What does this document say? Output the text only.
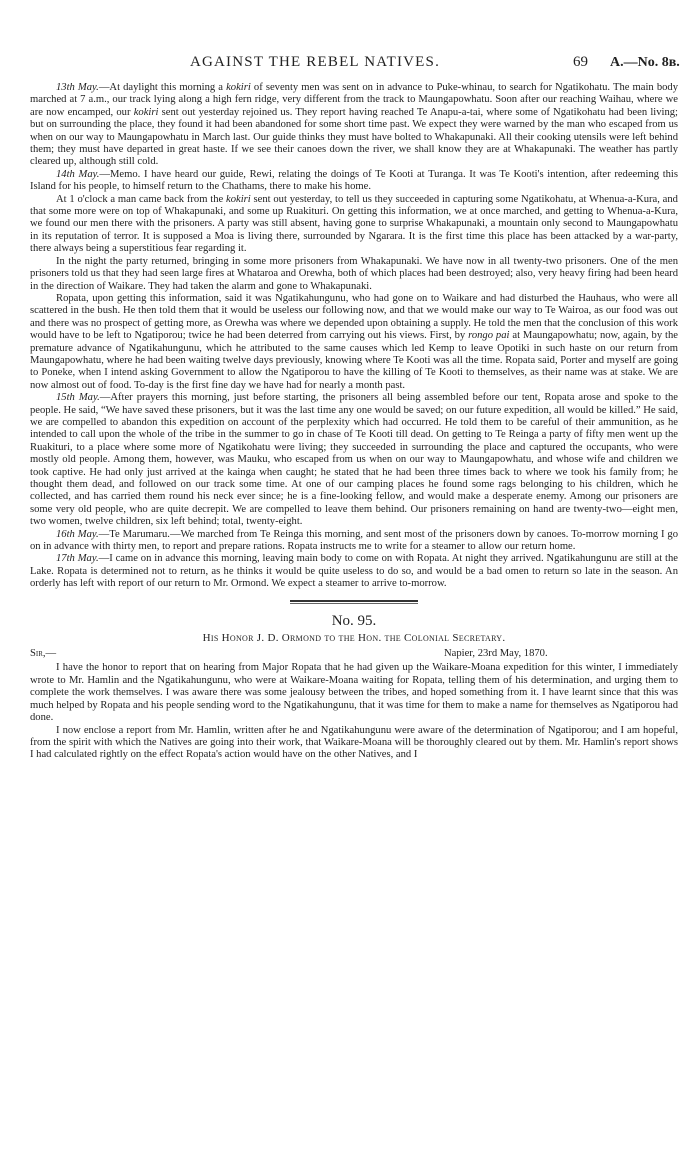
AGAINST THE REBEL NATIVES.	69 A.—No. 8ʙ.

13th May.—At daylight this morning a kokiri of seventy men was sent on in advance to Puke-whinau, to search for Ngatikohatu. The main body marched at 7 a.m., our track lying along a high fern ridge, very different from the track to Maungapowhatu. Soon after our reaching Waihau, where we are now encamped, our kokiri sent out yesterday rejoined us. They report having reached Te Anapu-a-tai, where some of Ngatikohatu had been living; but on surrounding the place, they found it had been abandoned for some short time past. We expect they were warned by the man who escaped from us when on our way to Maungapowhatu in March last. Our guide thinks they must have bolted to Whakapunaki. All their cooking utensils were left behind them; they must have departed in great haste. If we see their canoes down the river, we shall know they are at Whakapunaki. The weather has partly cleared up, although still cold.

14th May.—Memo. I have heard our guide, Rewi, relating the doings of Te Kooti at Turanga. It was Te Kooti's intention, after redeeming this Island for his people, to himself return to the Chathams, there to make his home.

At 1 o'clock a man came back from the kokiri sent out yesterday, to tell us they succeeded in capturing some Ngatikohatu, at Whenua-a-Kura, and that some more were on top of Whakapunaki, and some up Ruakituri. On getting this information, we at once marched, and getting to Whenua-a-Kura, we found our men there with the prisoners. A party was still absent, having gone to surprise Whakapunaki, a mountain only second to Maungapowhatu in its reputation of terror. It is supposed a Moa is living there, surrounded by Ngarara. It is the first time this place has been attacked by a war-party, there always being a superstitious fear regarding it.

In the night the party returned, bringing in some more prisoners from Whakapunaki. We have now in all twenty-two prisoners. One of the men prisoners told us that they had seen large fires at Whataroa and Orewha, both of which places had been destroyed; also, very heavy firing had been heard in the direction of Waikare. They had taken the alarm and gone to Whakapunaki.

Ropata, upon getting this information, said it was Ngatikahungunu, who had gone on to Waikare and had disturbed the Hauhaus, who were all scattered in the bush. He then told them that it would be useless our following now, and that we would make our way to Te Wairoa, as our food was out and there was no prospect of getting more, as Orewha was where we depended upon obtaining a supply. He told the men that the conclusion of this work would have to be left to Ngatiporou; twice he had been deterred from carrying out his views. First, by rongo pai at Maungapowhatu; now, again, by the premature advance of Ngatikahungunu, which he attributed to the same causes which led Kemp to leave Opotiki in such haste on our return from Maungapowhatu, where he had been waiting twelve days previously, knowing where Te Kooti was all the time. Ropata said, Porter and myself are going to Poneke, when I intend asking Government to allow the Ngatiporou to have the killing of Te Kooti to themselves, as their name was at stake. We are now almost out of food. To-day is the first fine day we have had for nearly a month past.

15th May.—After prayers this morning, just before starting, the prisoners all being assembled before our tent, Ropata arose and spoke to the people. He said, “We have saved these prisoners, but it was the last time any one would be saved; on our future expedition, all would be killed.” He said, we are compelled to abandon this expedition on account of the perplexity which had occurred. He told them to be careful of their ammunition, as he intended to call upon the whole of the tribe in the summer to go in chase of Te Kooti till dead. On getting to Te Reinga a party of fifty men went up the Ruakituri, to a place where some more of Ngatikohatu were living; they succeeded in surrounding the place and captured the occupants, who were mostly old people. Among them, however, was Mauku, who escaped from us when on our way to Maungapowhatu, and whose wife and children we took captive. He had only just arrived at the kainga when caught; he stated that he had been three times back to where we took his family from; he thought them dead, and followed on our track some time. At one of our camping places he found some rags belonging to his children, which he collected, and has carried them round his neck ever since; he is a fine-looking fellow, and would make a desperate enemy. Among our prisoners are some very old people, who are quite decrepit. We are compelled to leave them behind. Our prisoners remaining on hand are twenty-two—eight men, two women, twelve children, six left behind; total, twenty-eight.

16th May.—Te Marumaru.—We marched from Te Reinga this morning, and sent most of the prisoners down by canoes. To-morrow morning I go on in advance with thirty men, to report and prepare rations. Ropata instructs me to write for a steamer to allow our return home.

17th May.—I came on in advance this morning, leaving main body to come on with Ropata. At night they arrived. Ngatikahungunu are still at the Lake. Ropata is determined not to return, as he thinks it would be quite useless to do so, and would be a bad omen to return so late in the season. An orderly has left with report of our return to Mr. Ormond. We expect a steamer to arrive to-morrow.

No. 95.
His Honor J. D. Ormond to the Hon. the Colonial Secretary.
Sir,—	Napier, 23rd May, 1870.

I have the honor to report that on hearing from Major Ropata that he had given up the Waikare-Moana expedition for this winter, I immediately wrote to Mr. Hamlin and the Ngatikahungunu, who were at Waikare-Moana waiting for Ropata, telling them of his determination, and urging them to complete the work themselves. I was aware there was some jealousy between the tribes, and hoped something from it. I have learnt since that this was much helped by Ropata and his people sending word to the Ngatikahungunu, that it was time for them to make a name for themselves as Ngatiporou had done.

I now enclose a report from Mr. Hamlin, written after he and Ngatikahungunu were aware of the determination of Ngatiporou; and I am hopeful, from the spirit with which the Natives are going into their work, that Waikare-Moana will be thoroughly cleared out by them. Mr. Hamlin's report shows I had calculated rightly on the effect Ropata's action would have on the other Natives, and I
